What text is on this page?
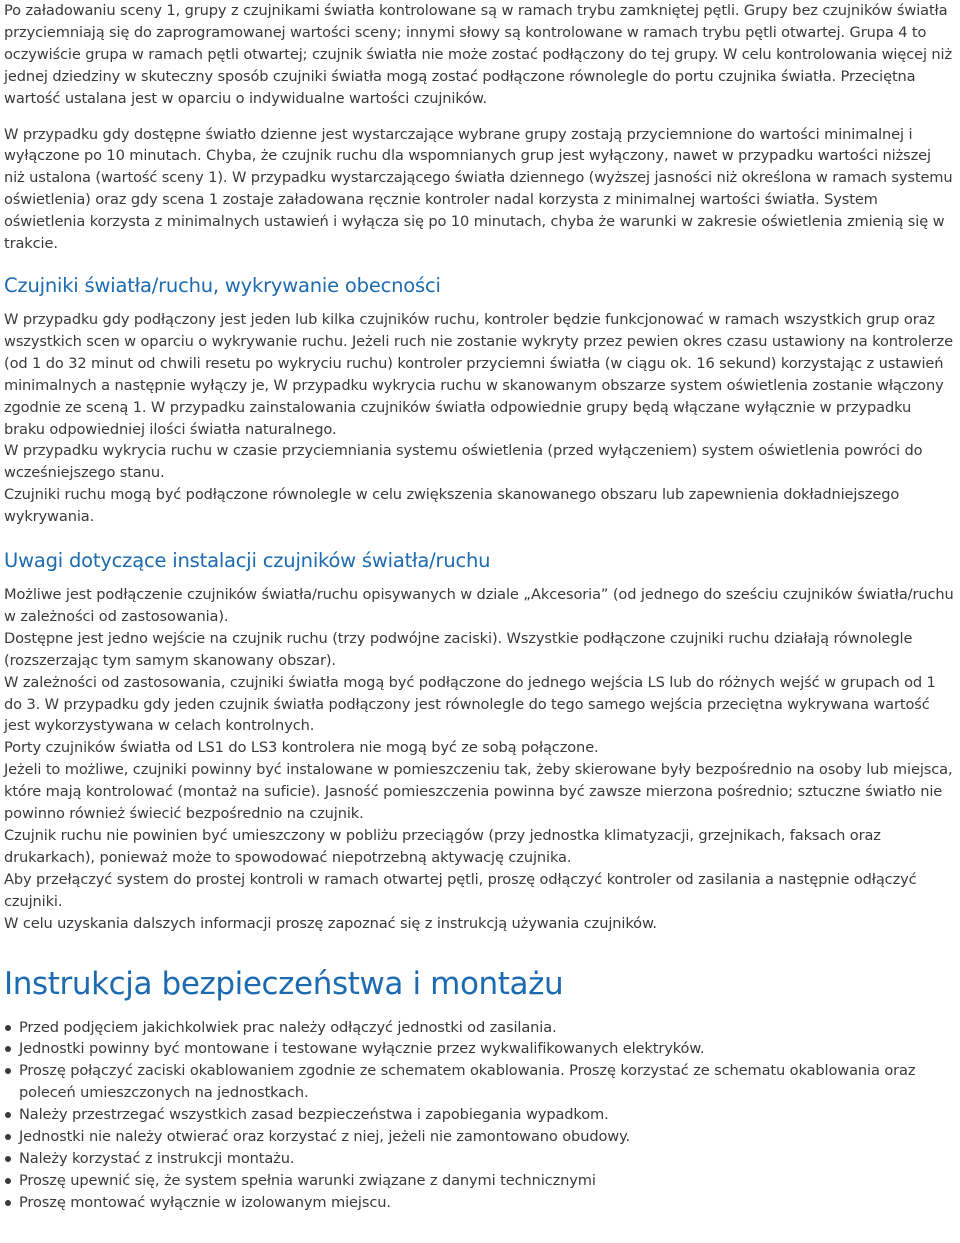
Po załadowaniu sceny 1, grupy z czujnikami światła kontrolowane są w ramach trybu zamkniętej pętli. Grupy bez czujników światła przyciemniają się do zaprogramowanej wartości sceny; innymi słowy są kontrolowane w ramach trybu pętli otwartej. Grupa 4 to oczywiście grupa w ramach pętli otwartej; czujnik światła nie może zostać podłączony do tej grupy. W celu kontrolowania więcej niż jednej dziedziny w skuteczny sposób czujniki światła mogą zostać podłączone równolegle do portu czujnika światła. Przeciętna wartość ustalana jest w oparciu o indywidualne wartości czujników.

W przypadku gdy dostępne światło dzienne jest wystarczające wybrane grupy zostają przyciemnione do wartości minimalnej i wyłączone po 10 minutach. Chyba, że czujnik ruchu dla wspomnianych grup jest wyłączony, nawet w przypadku wartości niższej niż ustalona (wartość sceny 1). W przypadku wystarczającego światła dziennego (wyższej jasności niż określona w ramach systemu oświetlenia) oraz gdy scena 1 zostaje załadowana ręcznie kontroler nadal korzysta z minimalnej wartości światła. System oświetlenia korzysta z minimalnych ustawień i wyłącza się po 10 minutach, chyba że warunki w zakresie oświetlenia zmienią się w trakcie.

Czujniki światła/ruchu, wykrywanie obecności

W przypadku gdy podłączony jest jeden lub kilka czujników ruchu, kontroler będzie funkcjonować w ramach wszystkich grup oraz wszystkich scen w oparciu o wykrywanie ruchu. Jeżeli ruch nie zostanie wykryty przez pewien okres czasu ustawiony na kontrolerze (od 1 do 32 minut od chwili resetu po wykryciu ruchu) kontroler przyciemni światła (w ciągu ok. 16 sekund) korzystając z ustawień minimalnych a następnie wyłączy je, W przypadku wykrycia ruchu w skanowanym obszarze system oświetlenia zostanie włączony zgodnie ze sceną 1. W przypadku zainstalowania czujników światła odpowiednie grupy będą włączane wyłącznie w przypadku braku odpowiedniej ilości światła naturalnego.

W przypadku wykrycia ruchu w czasie przyciemniania systemu oświetlenia (przed wyłączeniem) system oświetlenia powróci do wcześniejszego stanu.

Czujniki ruchu mogą być podłączone równolegle w celu zwiększenia skanowanego obszaru lub zapewnienia dokładniejszego wykrywania.

Uwagi dotyczące instalacji czujników światła/ruchu

Możliwe jest podłączenie czujników światła/ruchu opisywanych w dziale „Akcesoria” (od jednego do sześciu czujników światła/ruchu w zależności od zastosowania).

Dostępne jest jedno wejście na czujnik ruchu (trzy podwójne zaciski). Wszystkie podłączone czujniki ruchu działają równolegle (rozszerzając tym samym skanowany obszar).

W zależności od zastosowania, czujniki światła mogą być podłączone do jednego wejścia LS lub do różnych wejść w grupach od 1 do 3. W przypadku gdy jeden czujnik światła podłączony jest równolegle do tego samego wejścia przeciętna wykrywana wartość jest wykorzystywana w celach kontrolnych.

Porty czujników światła od LS1 do LS3 kontrolera nie mogą być ze sobą połączone.

Jeżeli to możliwe, czujniki powinny być instalowane w pomieszczeniu tak, żeby skierowane były bezpośrednio na osoby lub miejsca, które mają kontrolować (montaż na suficie). Jasność pomieszczenia powinna być zawsze mierzona pośrednio; sztuczne światło nie powinno również świecić bezpośrednio na czujnik.

Czujnik ruchu nie powinien być umieszczony w pobliżu przeciągów (przy jednostka klimatyzacji, grzejnikach, faksach oraz drukarkach), ponieważ może to spowodować niepotrzebną aktywację czujnika.

Aby przełączyć system do prostej kontroli w ramach otwartej pętli, proszę odłączyć kontroler od zasilania a następnie odłączyć czujniki.

W celu uzyskania dalszych informacji proszę zapoznać się z instrukcją używania czujników.

Instrukcja bezpieczeństwa i montażu
Przed podjęciem jakichkolwiek prac należy odłączyć jednostki od zasilania.
Jednostki powinny być montowane i testowane wyłącznie przez wykwalifikowanych elektryków.
Proszę połączyć zaciski okablowaniem zgodnie ze schematem okablowania. Proszę korzystać ze schematu okablowania oraz poleceń umieszczonych na jednostkach.
Należy przestrzegać wszystkich zasad bezpieczeństwa i zapobiegania wypadkom.
Jednostki nie należy otwierać oraz korzystać z niej, jeżeli nie zamontowano obudowy.
Należy korzystać z instrukcji montażu.
Proszę upewnić się, że system spełnia warunki związane z danymi technicznymi
Proszę montować wyłącznie w izolowanym miejscu.
